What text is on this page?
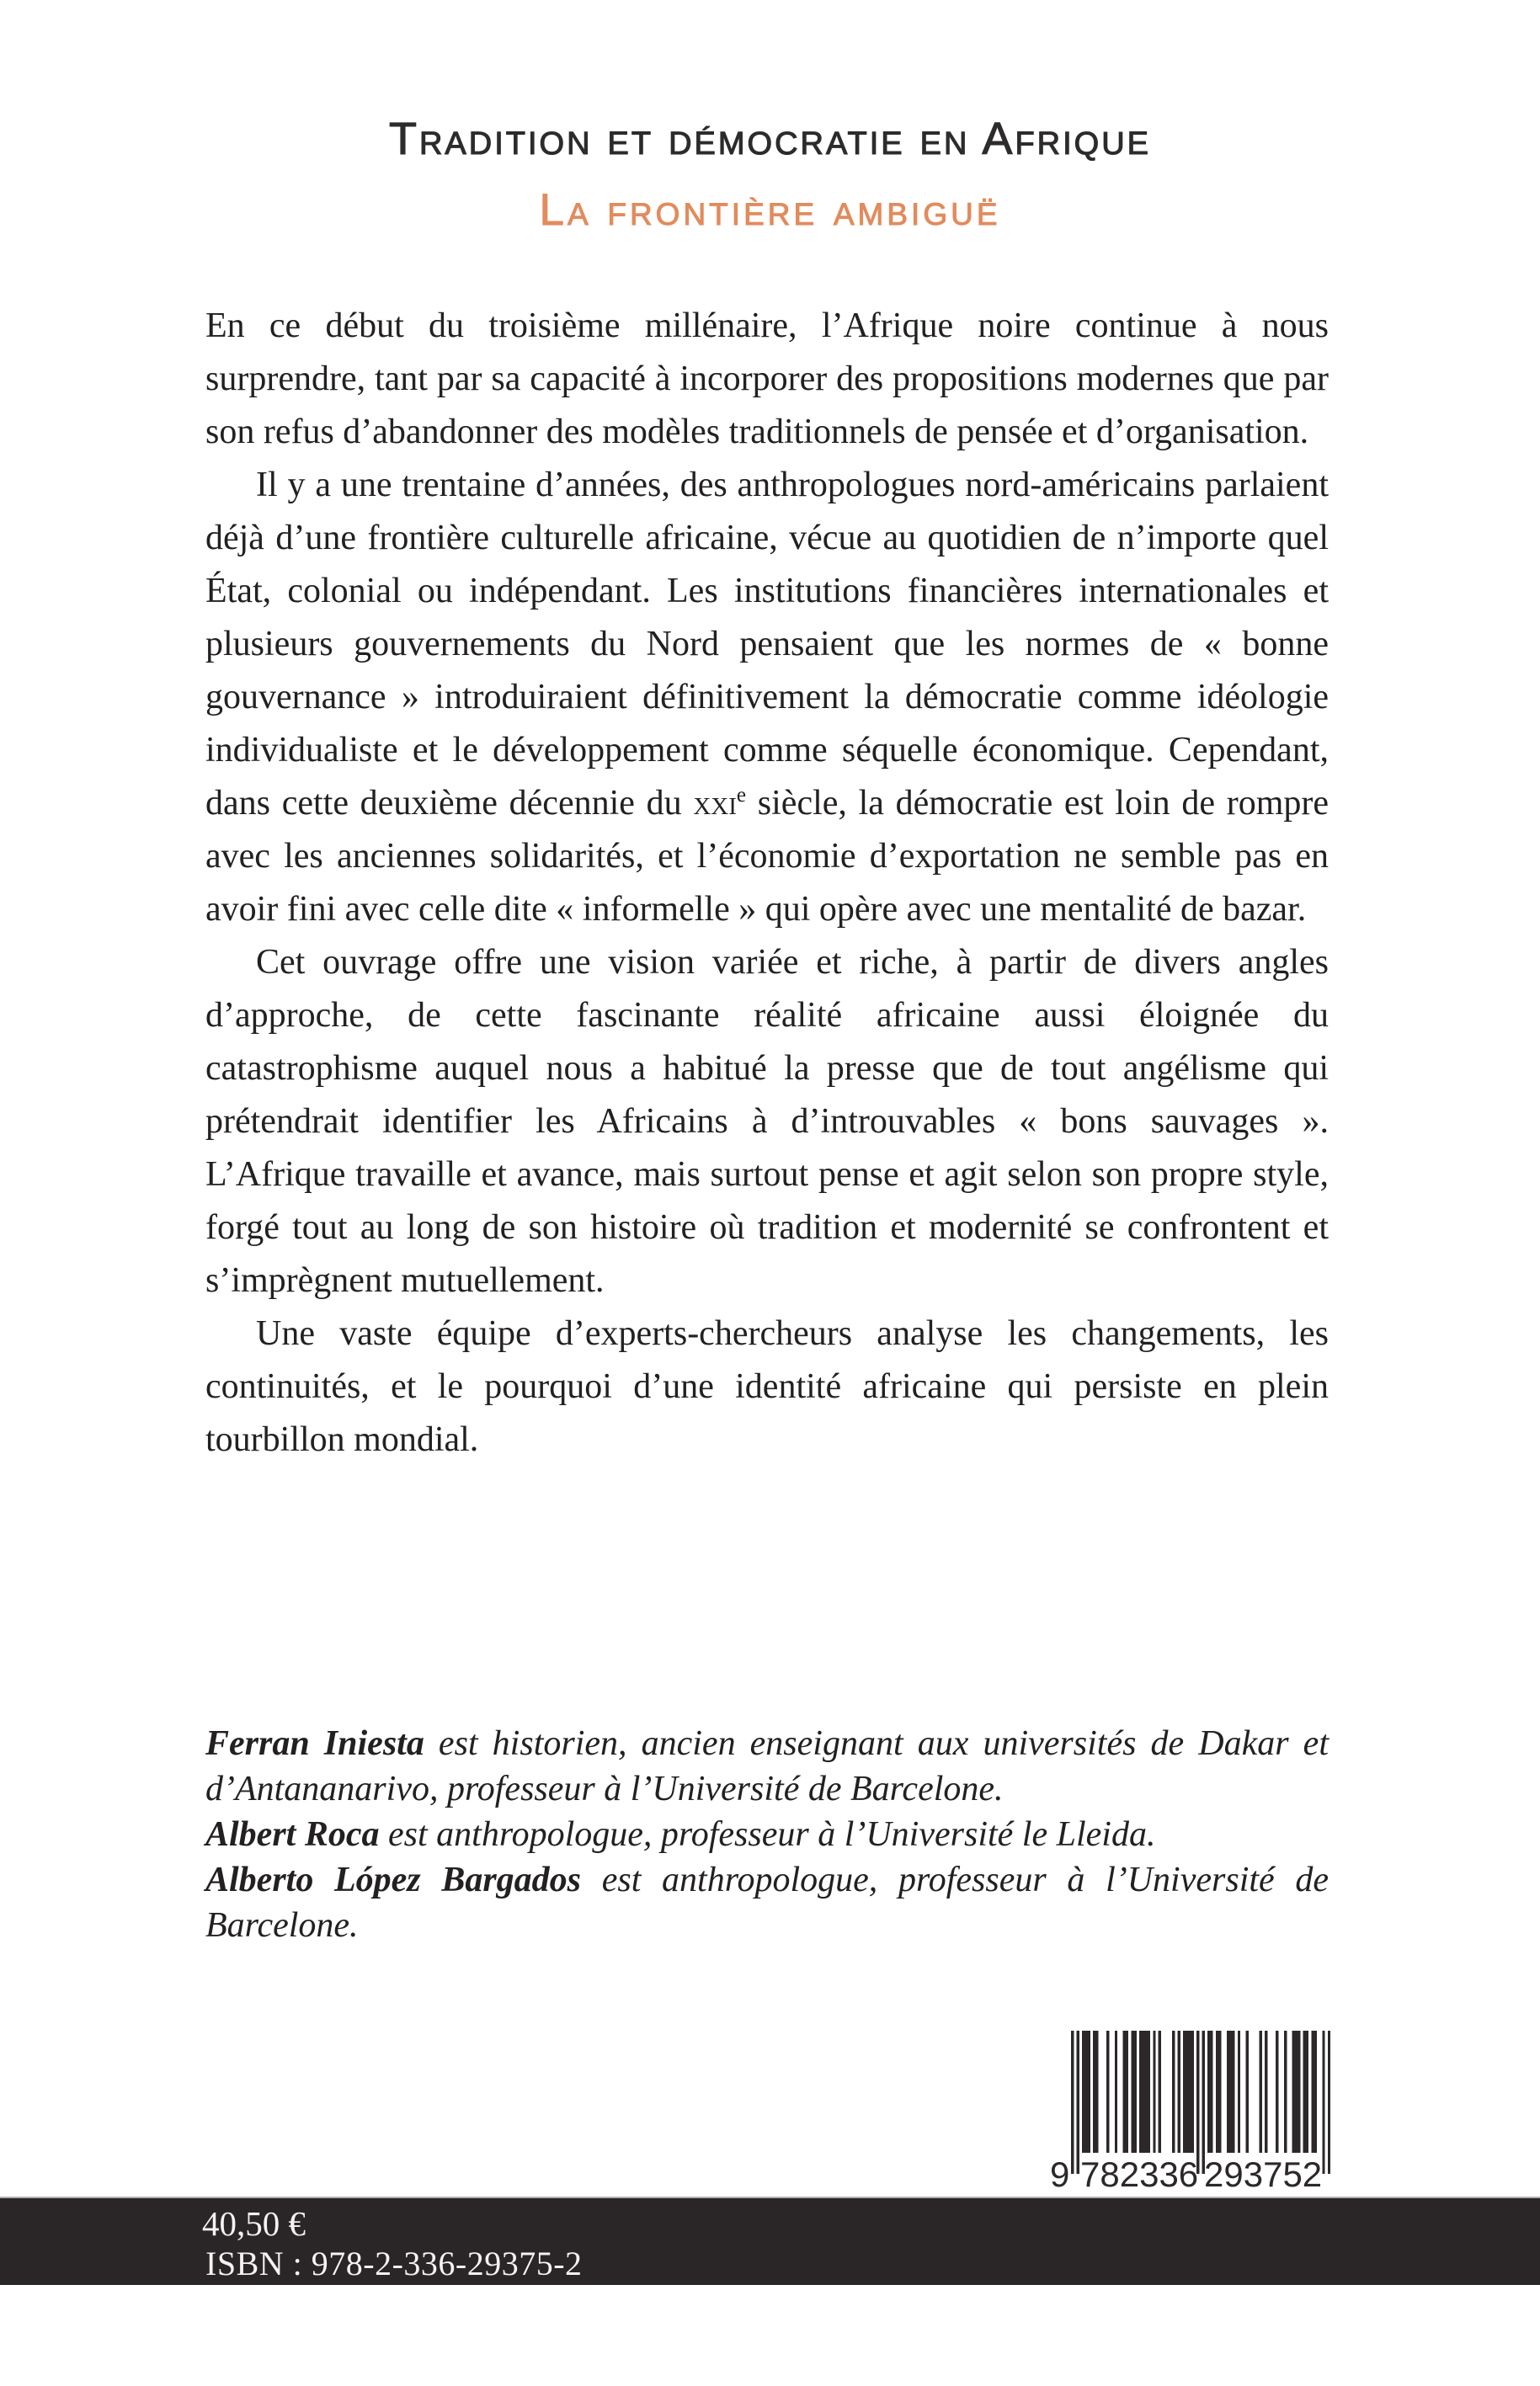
Tradition et démocratie en Afrique
La frontière ambiguë

En ce début du troisième millénaire, l’Afrique noire continue à nous surprendre, tant par sa capacité à incorporer des propositions modernes que par son refus d’abandonner des modèles traditionnels de pensée et d’organisation.

Il y a une trentaine d’années, des anthropologues nord-américains parlaient déjà d’une frontière culturelle africaine, vécue au quotidien de n’importe quel État, colonial ou indépendant. Les institutions financières internationales et plusieurs gouvernements du Nord pensaient que les normes de « bonne gouvernance » introduiraient définitivement la démocratie comme idéologie individualiste et le développement comme séquelle économique. Cependant, dans cette deuxième décennie du xxi$^e$ siècle, la démocratie est loin de rompre avec les anciennes solidarités, et l’économie d’exportation ne semble pas en avoir fini avec celle dite « informelle » qui opère avec une mentalité de bazar.

Cet ouvrage offre une vision variée et riche, à partir de divers angles d’approche, de cette fascinante réalité africaine aussi éloignée du catastrophisme auquel nous a habitué la presse que de tout angélisme qui prétendrait identifier les Africains à d’introuvables « bons sauvages ». L’Afrique travaille et avance, mais surtout pense et agit selon son propre style, forgé tout au long de son histoire où tradition et modernité se confrontent et s’imprègnent mutuellement.

Une vaste équipe d’experts-chercheurs analyse les changements, les continuités, et le pourquoi d’une identité africaine qui persiste en plein tourbillon mondial.

Ferran Iniesta est historien, ancien enseignant aux universités de Dakar et d’Antananarivo, professeur à l’Université de Barcelone.

Albert Roca est anthropologue, professeur à l’Université le Lleida.

Alberto López Bargados est anthropologue, professeur à l’Université de Barcelone.

9 7 8 2 3 3 6 2 9 3 7 5 2

40,50 €

ISBN : 978-2-336-29375-2
